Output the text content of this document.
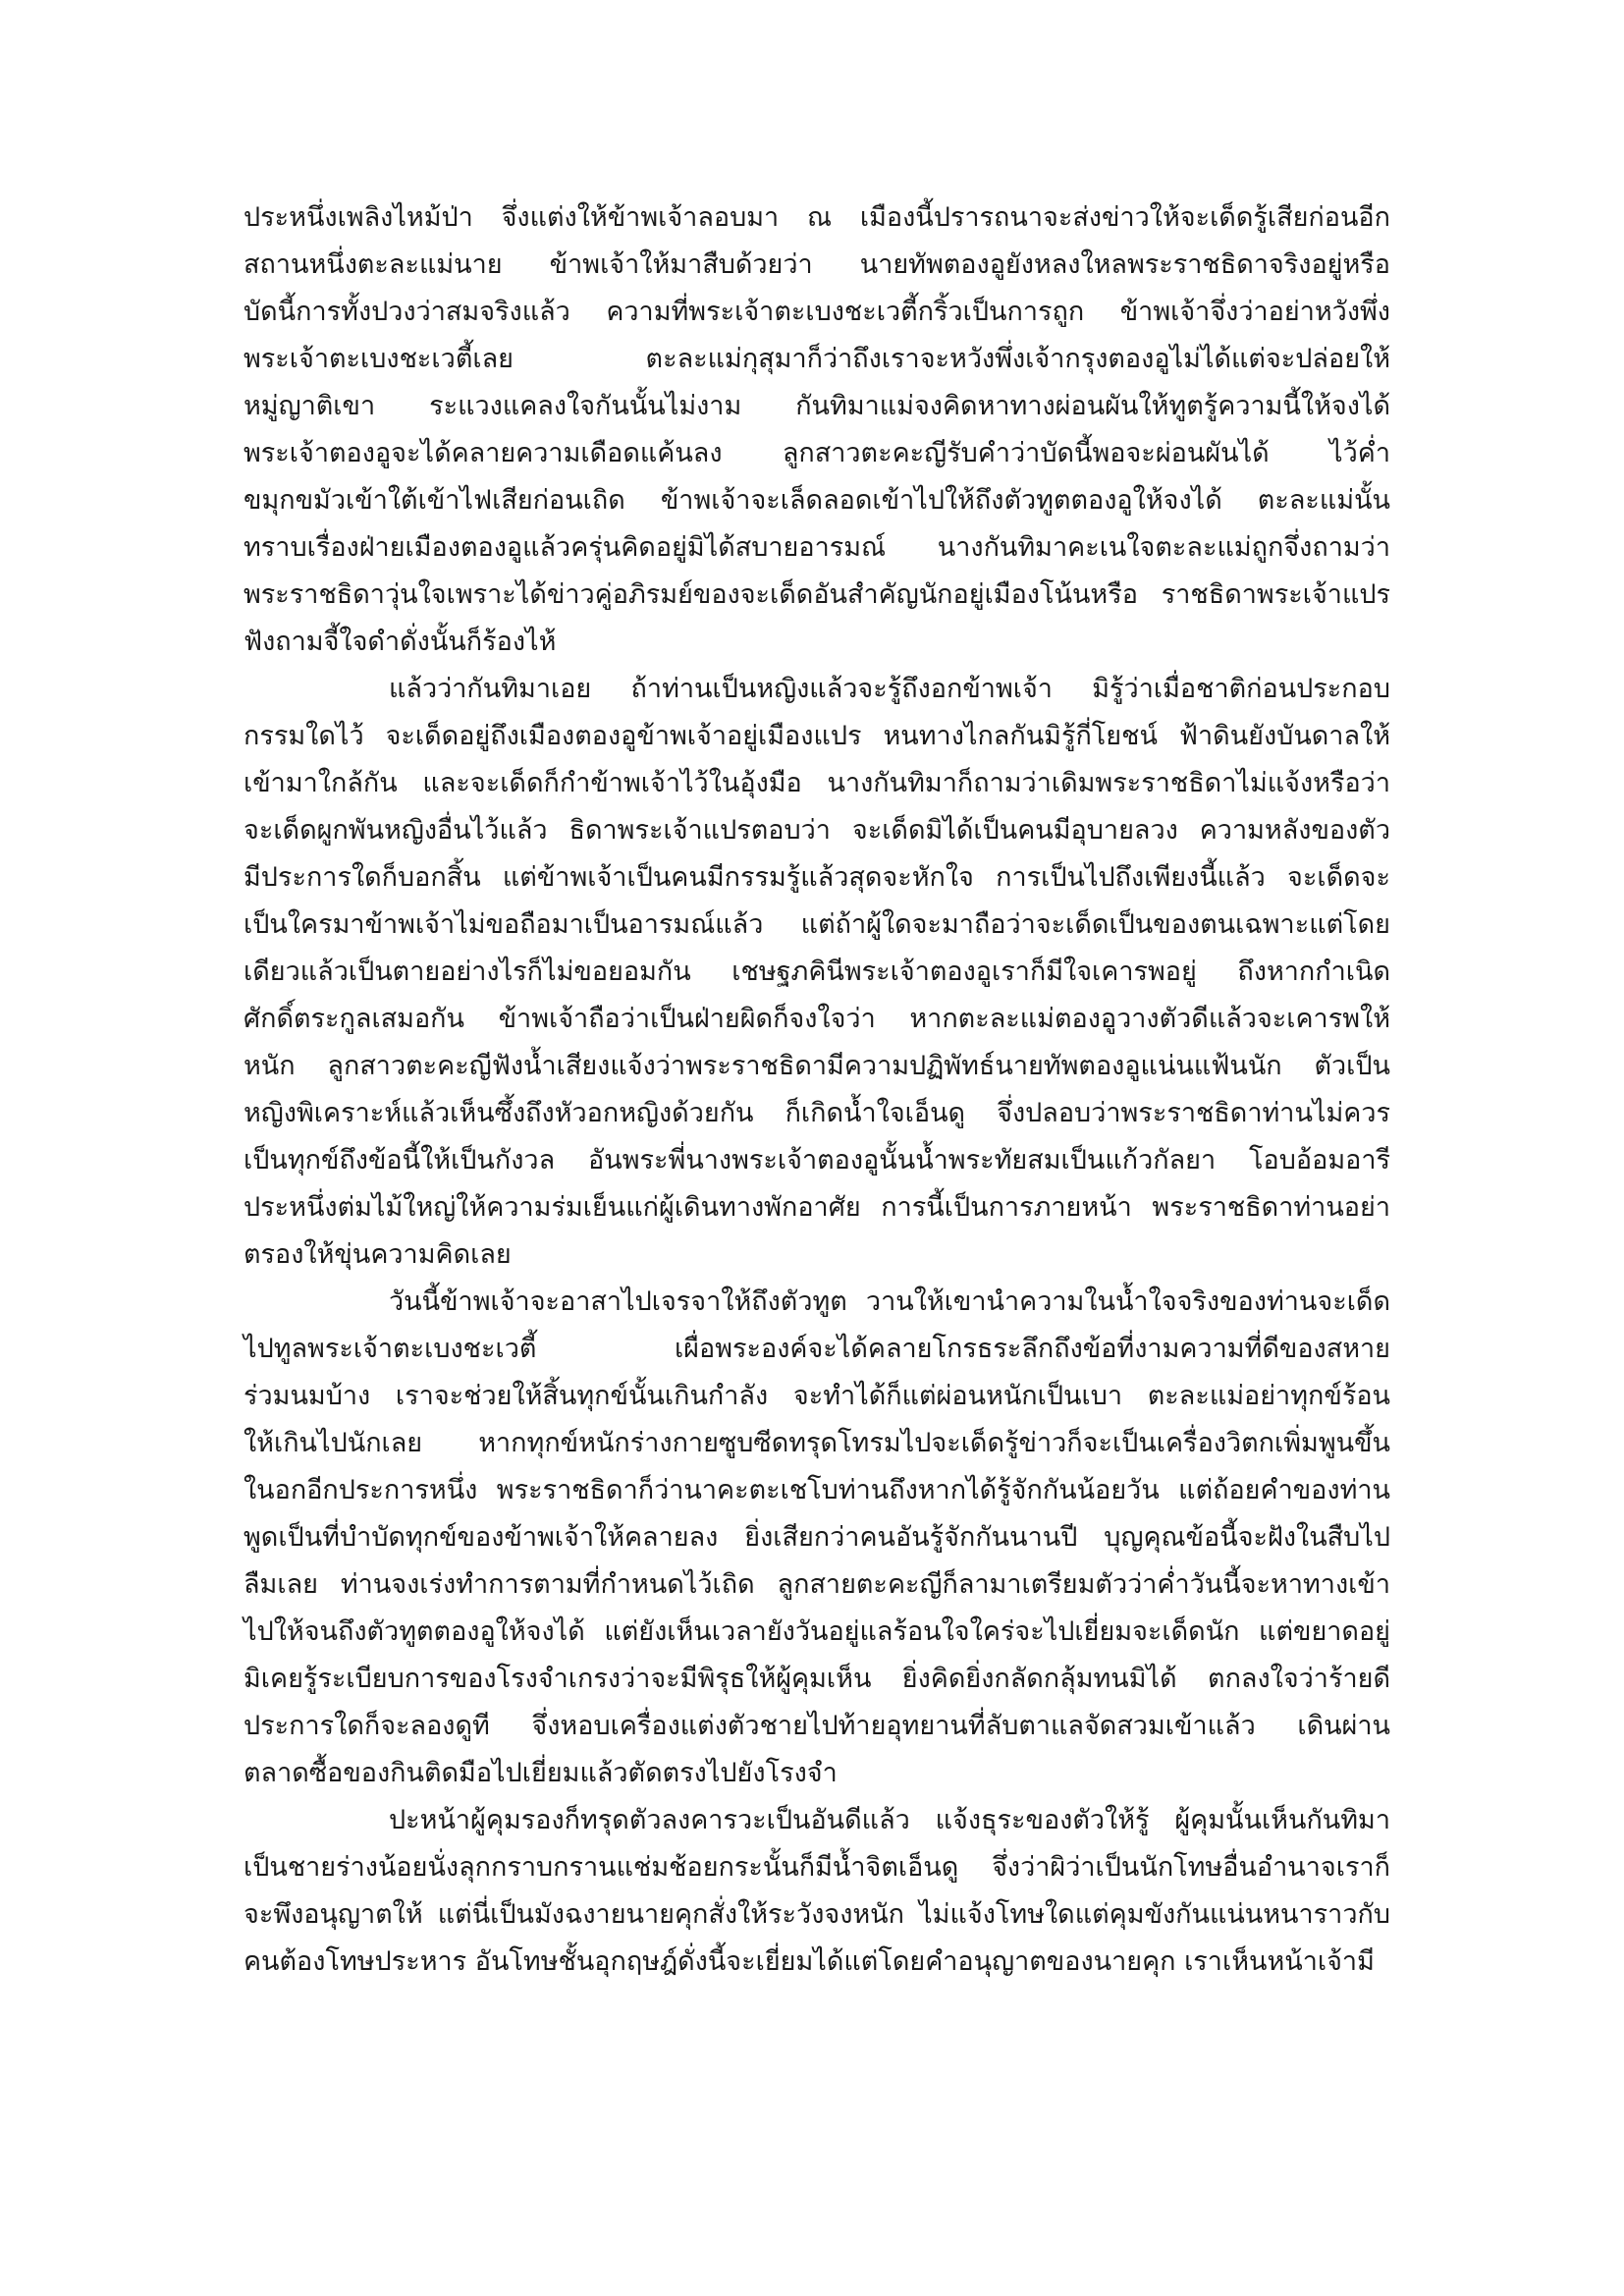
ประหนึ่งเพลิงไหม้ป่า จึ่งแต่งให้ข้าพเจ้าลอบมา ณ เมืองนี้ปรารถนาจะส่งข่าวให้จะเด็ดรู้เสียก่อนอีก
สถานหนึ่งตะละแม่นาย ข้าพเจ้าให้มาสืบด้วยว่า นายทัพตองอูยังหลงใหลพระราชธิดาจริงอยู่หรือ
บัดนี้การทั้งปวงว่าสมจริงแล้ว ความที่พระเจ้าตะเบงชะเวตี้กริ้วเป็นการถูก ข้าพเจ้าจึ่งว่าอย่าหวังพึ่ง
พระเจ้าตะเบงชะเวตี้เลย ตะละแม่กุสุมาก็ว่าถึงเราจะหวังพึ่งเจ้ากรุงตองอูไม่ได้แต่จะปล่อยให้
หมู่ญาติเขา ระแวงแคลงใจกันนั้นไม่งาม กันทิมาแม่จงคิดหาทางผ่อนผันให้ทูตรู้ความนี้ให้จงได้
พระเจ้าตองอูจะได้คลายความเดือดแค้นลง ลูกสาวตะคะญีรับคำว่าบัดนี้พอจะผ่อนผันได้ ไว้ค่ำ
ขมุกขมัวเข้าใต้เข้าไฟเสียก่อนเถิด ข้าพเจ้าจะเล็ดลอดเข้าไปให้ถึงตัวทูตตองอูให้จงได้ ตะละแม่นั้น
ทราบเรื่องฝ่ายเมืองตองอูแล้วครุ่นคิดอยู่มิได้สบายอารมณ์ นางกันทิมาคะเนใจตะละแม่ถูกจึ่งถามว่า
พระราชธิดาวุ่นใจเพราะได้ข่าวคู่อภิรมย์ของจะเด็ดอันสำคัญนักอยู่เมืองโน้นหรือ ราชธิดาพระเจ้าแปร
ฟังถามจี้ใจดำดั่งนั้นก็ร้องไห้
แล้วว่ากันทิมาเอย ถ้าท่านเป็นหญิงแล้วจะรู้ถึงอกข้าพเจ้า มิรู้ว่าเมื่อชาติก่อนประกอบ
กรรมใดไว้ จะเด็ดอยู่ถึงเมืองตองอูข้าพเจ้าอยู่เมืองแปร หนทางไกลกันมิรู้กี่โยชน์ ฟ้าดินยังบันดาลให้
เข้ามาใกล้กัน และจะเด็ดก็กำข้าพเจ้าไว้ในอุ้งมือ นางกันทิมาก็ถามว่าเดิมพระราชธิดาไม่แจ้งหรือว่า
จะเด็ดผูกพันหญิงอื่นไว้แล้ว ธิดาพระเจ้าแปรตอบว่า จะเด็ดมิได้เป็นคนมีอุบายลวง ความหลังของตัว
มีประการใดก็บอกสิ้น แต่ข้าพเจ้าเป็นคนมีกรรมรู้แล้วสุดจะหักใจ การเป็นไปถึงเพียงนี้แล้ว จะเด็ดจะ
เป็นใครมาข้าพเจ้าไม่ขอถือมาเป็นอารมณ์แล้ว แต่ถ้าผู้ใดจะมาถือว่าจะเด็ดเป็นของตนเฉพาะแต่โดย
เดียวแล้วเป็นตายอย่างไรก็ไม่ขอยอมกัน เชษฐภคินีพระเจ้าตองอูเราก็มีใจเคารพอยู่ ถึงหากกำเนิด
ศักดิ์ตระกูลเสมอกัน ข้าพเจ้าถือว่าเป็นฝ่ายผิดก็จงใจว่า หากตะละแม่ตองอูวางตัวดีแล้วจะเคารพให้
หนัก ลูกสาวตะคะญีฟังน้ำเสียงแจ้งว่าพระราชธิดามีความปฏิพัทธ์นายทัพตองอูแน่นแฟ้นนัก ตัวเป็น
หญิงพิเคราะห์แล้วเห็นซึ้งถึงหัวอกหญิงด้วยกัน ก็เกิดน้ำใจเอ็นดู จึ่งปลอบว่าพระราชธิดาท่านไม่ควร
เป็นทุกข์ถึงข้อนี้ให้เป็นกังวล อันพระพี่นางพระเจ้าตองอูนั้นน้ำพระทัยสมเป็นแก้วกัลยา โอบอ้อมอารี
ประหนึ่งต่มไม้ใหญ่ให้ความร่มเย็นแก่ผู้เดินทางพักอาศัย การนี้เป็นการภายหน้า พระราชธิดาท่านอย่า
ตรองให้ขุ่นความคิดเลย
วันนี้ข้าพเจ้าจะอาสาไปเจรจาให้ถึงตัวทูต วานให้เขานำความในน้ำใจจริงของท่านจะเด็ด
ไปทูลพระเจ้าตะเบงชะเวตี้ เผื่อพระองค์จะได้คลายโกรธระลึกถึงข้อที่งามความที่ดีของสหาย
ร่วมนมบ้าง เราจะช่วยให้สิ้นทุกข์นั้นเกินกำลัง จะทำได้ก็แต่ผ่อนหนักเป็นเบา ตะละแม่อย่าทุกข์ร้อน
ให้เกินไปนักเลย หากทุกข์หนักร่างกายซูบซีดทรุดโทรมไปจะเด็ดรู้ข่าวก็จะเป็นเครื่องวิตกเพิ่มพูนขึ้น
ในอกอีกประการหนึ่ง พระราชธิดาก็ว่านาคะตะเชโบท่านถึงหากได้รู้จักกันน้อยวัน แต่ถ้อยคำของท่าน
พูดเป็นที่บำบัดทุกข์ของข้าพเจ้าให้คลายลง ยิ่งเสียกว่าคนอันรู้จักกันนานปี บุญคุณข้อนี้จะฝังในสืบไป
ลืมเลย ท่านจงเร่งทำการตามที่กำหนดไว้เถิด ลูกสายตะคะญีก็ลามาเตรียมตัวว่าค่ำวันนี้จะหาทางเข้า
ไปให้จนถึงตัวทูตตองอูให้จงได้ แต่ยังเห็นเวลายังวันอยู่แลร้อนใจใคร่จะไปเยี่ยมจะเด็ดนัก แต่ขยาดอยู่
มิเคยรู้ระเบียบการของโรงจำเกรงว่าจะมีพิรุธให้ผู้คุมเห็น ยิ่งคิดยิ่งกลัดกลุ้มทนมิได้ ตกลงใจว่าร้ายดี
ประการใดก็จะลองดูที จึ่งหอบเครื่องแต่งตัวชายไปท้ายอุทยานที่ลับตาแลจัดสวมเข้าแล้ว เดินผ่าน
ตลาดซื้อของกินติดมือไปเยี่ยมแล้วตัดตรงไปยังโรงจำ
ปะหน้าผู้คุมรองก็ทรุดตัวลงคารวะเป็นอันดีแล้ว แจ้งธุระของตัวให้รู้ ผู้คุมนั้นเห็นกันทิมา
เป็นชายร่างน้อยนั่งลุกกราบกรานแช่มช้อยกระนั้นก็มีน้ำจิตเอ็นดู จึ่งว่าผิว่าเป็นนักโทษอื่นอำนาจเราก็
จะพึงอนุญาตให้ แต่นี่เป็นมังฉงายนายคุกสั่งให้ระวังจงหนัก ไม่แจ้งโทษใดแต่คุมขังกันแน่นหนาราวกับ
คนต้องโทษประหาร อันโทษชั้นอุกฤษฎ์ดั่งนี้จะเยี่ยมได้แต่โดยคำอนุญาตของนายคุก เราเห็นหน้าเจ้ามี
